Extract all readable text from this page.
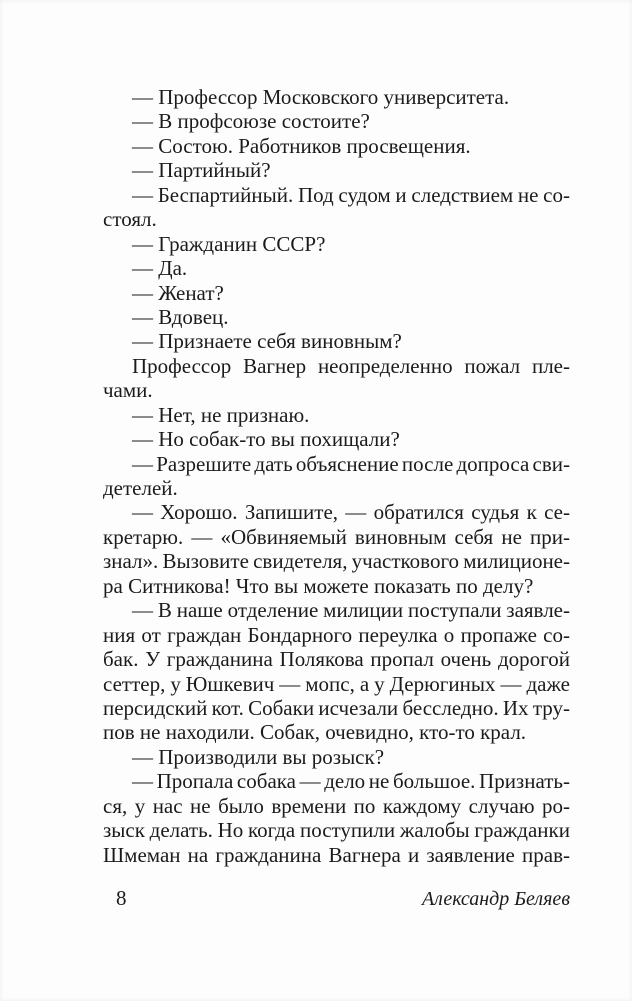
— Профессор Московского университета.
— В профсоюзе состоите?
— Состою. Работников просвещения.
— Партийный?
— Беспартийный. Под судом и следствием не со-
стоял.
— Гражданин СССР?
— Да.
— Женат?
— Вдовец.
— Признаете себя виновным?
Профессор Вагнер неопределенно пожал пле-
чами.
— Нет, не признаю.
— Но собак-то вы похищали?
— Разрешите дать объяснение после допроса сви-
детелей.
— Хорошо. Запишите, — обратился судья к се-
кретарю. — «Обвиняемый виновным себя не при-
знал». Вызовите свидетеля, участкового милиционе-
ра Ситникова! Что вы можете показать по делу?
— В наше отделение милиции поступали заявле-
ния от граждан Бондарного переулка о пропаже со-
бак. У гражданина Полякова пропал очень дорогой
сеттер, у Юшкевич — мопс, а у Дерюгиных — даже
персидский кот. Собаки исчезали бесследно. Их тру-
пов не находили. Собак, очевидно, кто-то крал.
— Производили вы розыск?
— Пропала собака — дело не большое. Признать-
ся, у нас не было времени по каждому случаю ро-
зыск делать. Но когда поступили жалобы гражданки
Шмеман на гражданина Вагнера и заявление прав-
8	Александр Беляев
